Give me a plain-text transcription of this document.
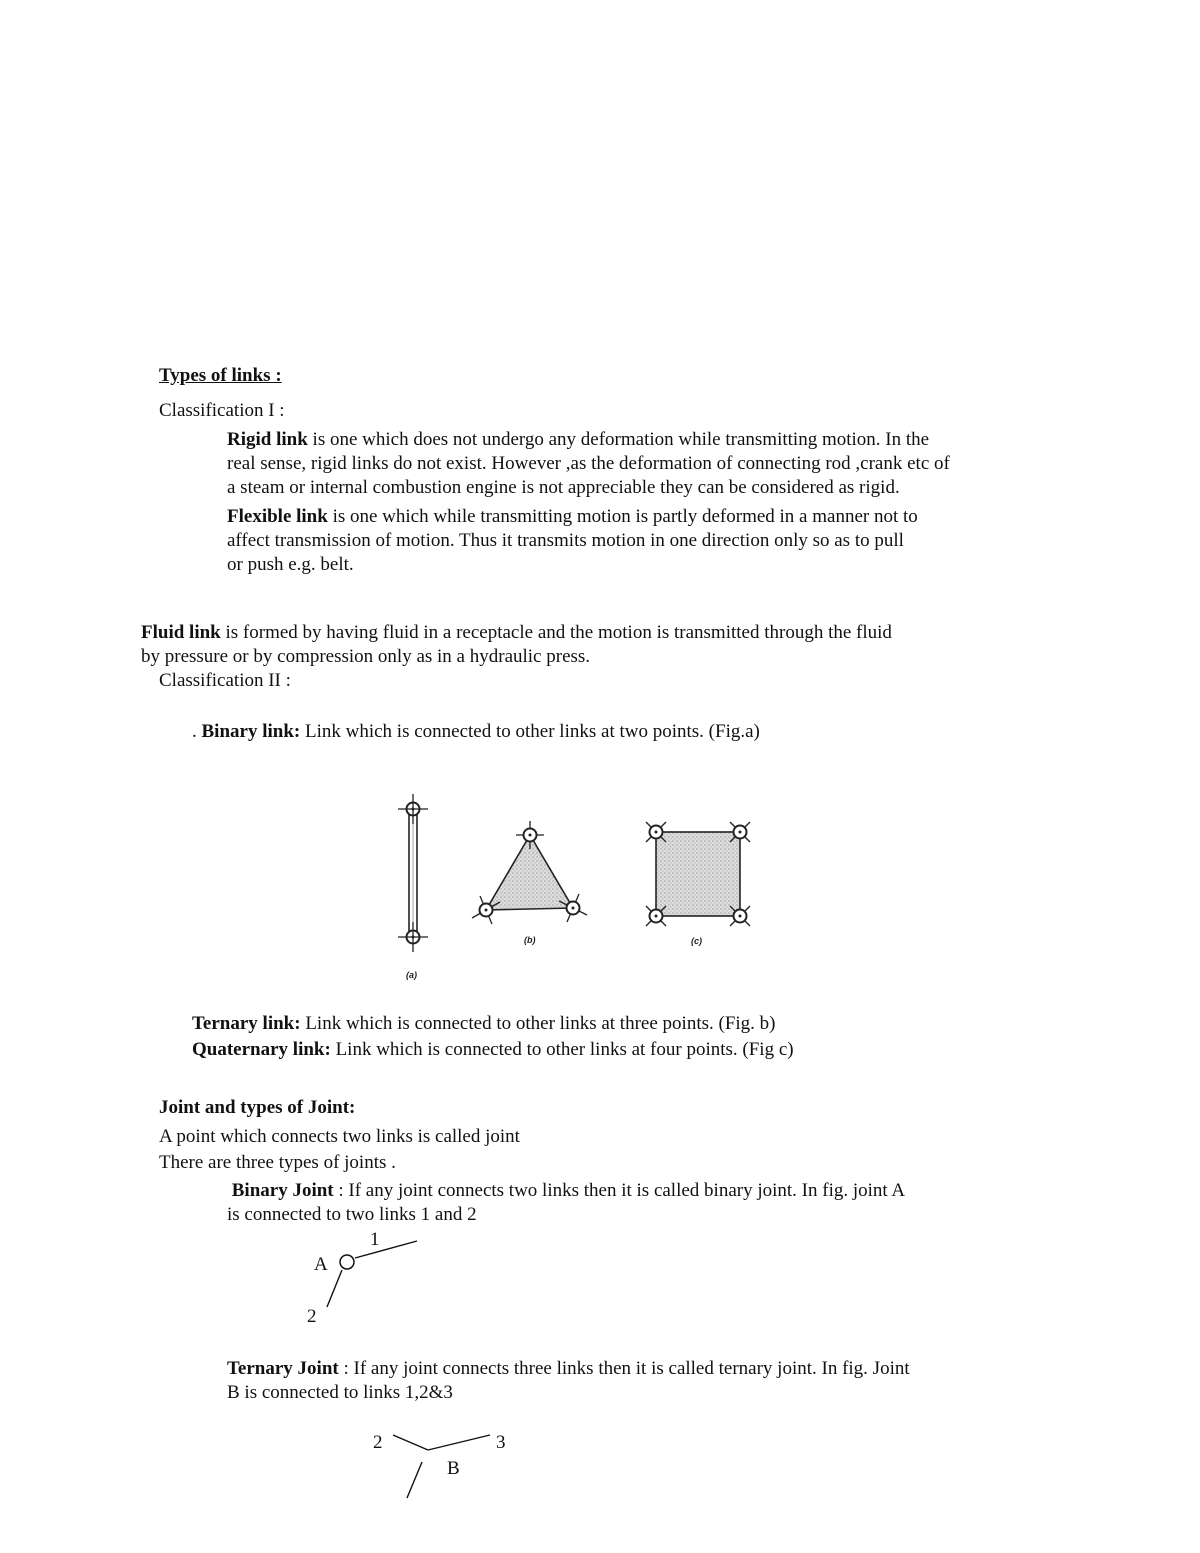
Types of links :
Classification I :
Rigid link is one which does not undergo any deformation while transmitting motion. In the
real sense, rigid links do not exist. However ,as the deformation of connecting rod ,crank etc of
a steam or internal combustion engine is not appreciable they can be considered as rigid.
Flexible link is one which while transmitting motion is partly deformed in a manner not to
affect transmission of motion. Thus it transmits motion in one direction only so as to pull
or push e.g. belt.
Fluid link is formed by having fluid in a receptacle and the motion is transmitted through the fluid
by pressure or by compression only as in a hydraulic press.
Classification II :
. Binary link: Link which is connected to other links at two points. (Fig.a)
(a)
(b)	(c)
Ternary link: Link which is connected to other links at three points. (Fig. b)
Quaternary link: Link which is connected to other links at four points. (Fig c)
Joint and types of Joint:
A point which connects two links is called joint
There are three types of joints .
Binary Joint : If any joint connects two links then it is called binary joint. In fig. joint A
is connected to two links 1 and 2
1
A
2
Ternary Joint : If any joint connects three links then it is called ternary joint. In fig. Joint
B is connected to links 1,2&3
2	3
B
